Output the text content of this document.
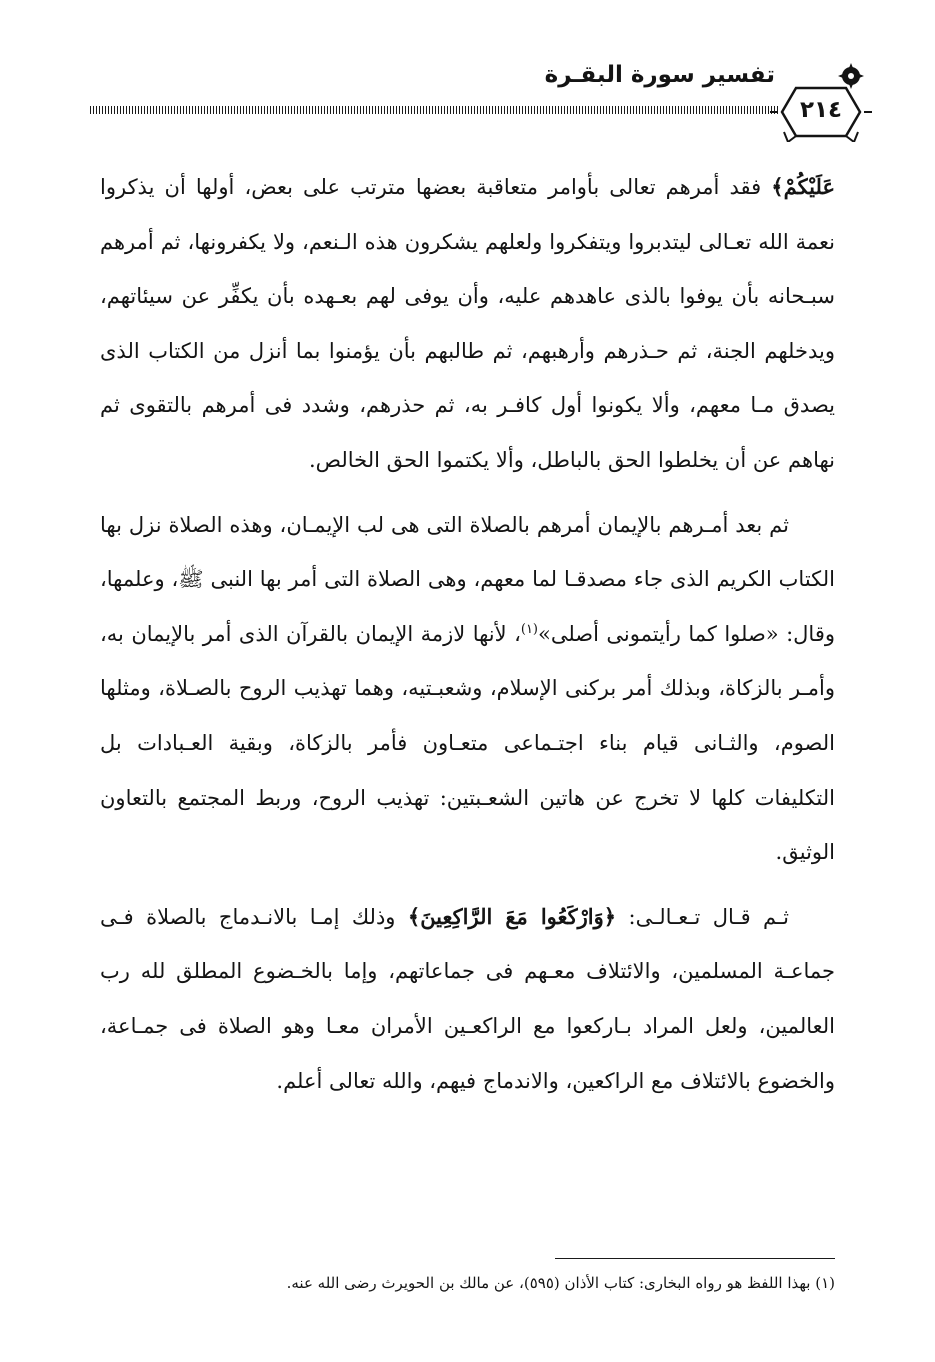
تفسير سورة البقـرة
٢١٤

عَلَيْكُمْ﴾ فقد أمرهم تعالى بأوامر متعاقبة بعضها مترتب على بعض، أولها أن يذكروا نعمة الله تعـالى ليتدبروا ويتفكروا ولعلهم يشكرون هذه الـنعم، ولا يكفرونها، ثم أمرهم سبـحانه بأن يوفوا بالذى عاهدهم عليه، وأن يوفى لهم بعـهده بأن يكفِّر عن سيئاتهم، ويدخلهم الجنة، ثم حـذرهم وأرهبهم، ثم طالبهم بأن يؤمنوا بما أنزل من الكتاب الذى يصدق مـا معهم، وألا يكونوا أول كافـر به، ثم حذرهم، وشدد فى أمرهم بالتقوى ثم نهاهم عن أن يخلطوا الحق بالباطل، وألا يكتموا الحق الخالص.

ثم بعد أمـرهم بالإيمان أمرهم بالصلاة التى هى لب الإيمـان، وهذه الصلاة نزل بها الكتاب الكريم الذى جاء مصدقـا لما معهم، وهى الصلاة التى أمر بها النبى ﷺ، وعلمها، وقال: «صلوا كما رأيتمونى أصلى»$^{(١)}$، لأنها لازمة الإيمان بالقرآن الذى أمر بالإيمان به، وأمـر بالزكاة، وبذلك أمر بركنى الإسلام، وشعبـتيه، وهما تهذيب الروح بالصـلاة، ومثلها الصوم، والثـانى قيام بناء اجتـماعى متعـاون فأمر بالزكاة، وبقية العـبادات بل التكليفات كلها لا تخرج عن هاتين الشعـبتين: تهذيب الروح، وربط المجتمع بالتعاون الوثيق.

ثـم قـال تـعـالـى: ﴿وَارْكَعُوا مَعَ الرَّاكِعِينَ﴾ وذلك إمـا بالانـدماج بالصلاة فـى جماعـة المسلمين، والائتلاف معـهم فى جماعاتهم، وإما بالخـضوع المطلق لله رب العالمين، ولعل المراد بـاركعوا مع الراكعـين الأمران معـا وهو الصلاة فى جمـاعة، والخضوع بالائتلاف مع الراكعين، والاندماج فيهم، والله تعالى أعلم.

(١) بهذا اللفظ هو رواه البخارى: كتاب الأذان (٥٩٥)، عن مالك بن الحويرث رضى الله عنه.
